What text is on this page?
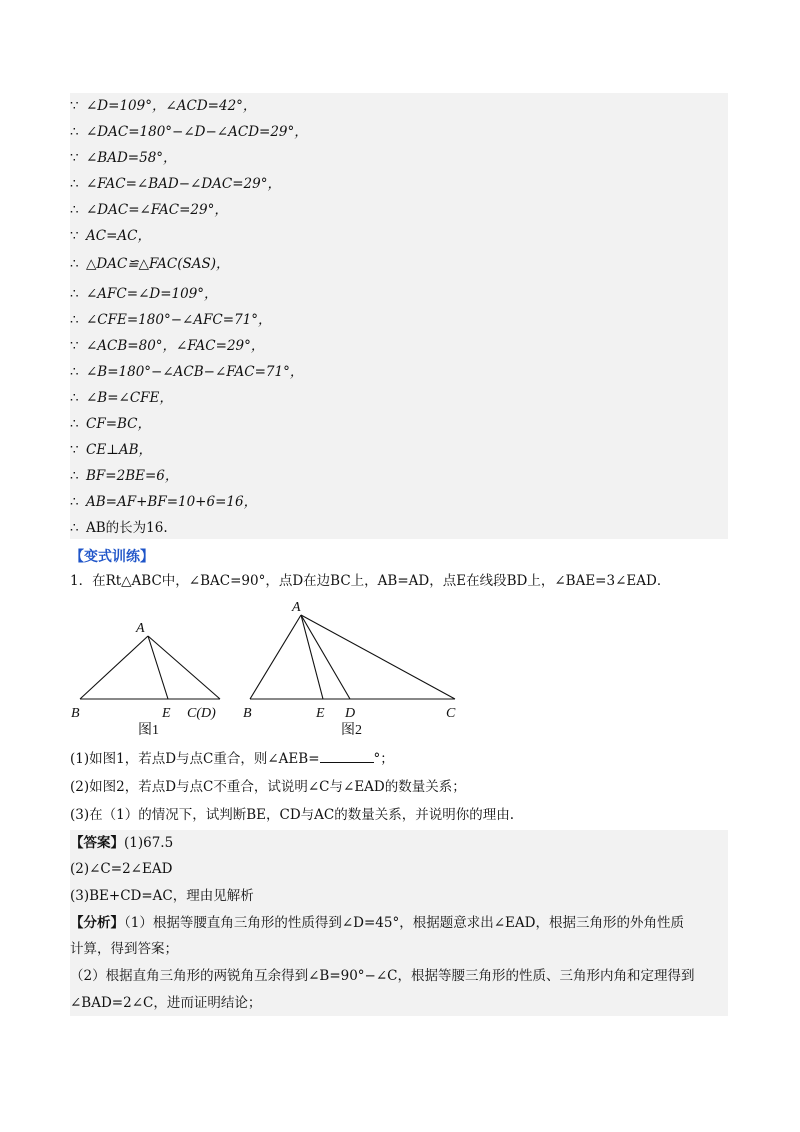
∵ ∠D=109°，∠ACD=42°，
∴ ∠DAC=180°−∠D−∠ACD=29°，
∵ ∠BAD=58°，
∴ ∠FAC=∠BAD−∠DAC=29°，
∴ ∠DAC=∠FAC=29°，
∵ AC=AC，
∴ △DAC≌△FAC(SAS)，
∴ ∠AFC=∠D=109°，
∴ ∠CFE=180°−∠AFC=71°，
∵ ∠ACB=80°，∠FAC=29°，
∴ ∠B=180°−∠ACB−∠FAC=71°，
∴ ∠B=∠CFE，
∴ CF=BC，
∵ CE⊥AB，
∴ BF=2BE=6，
∴ AB=AF+BF=10+6=16，
∴ AB的长为16.
【变式训练】
1．在Rt△ABC中，∠BAC=90°，点D在边BC上，AB=AD，点E在线段BD上，∠BAE=3∠EAD．
A
B	E C(D)
A
B	E D	C
图1	图2
(1)如图1，若点D与点C重合，则∠AEB=	°；
(2)如图2，若点D与点C不重合，试说明∠C与∠EAD的数量关系；
(3)在（1）的情况下，试判断BE，CD与AC的数量关系，并说明你的理由.
【答案】(1)67.5
(2)∠C=2∠EAD
(3)BE+CD=AC，理由见解析
【分析】（1）根据等腰直角三角形的性质得到∠D=45°，根据题意求出∠EAD，根据三角形的外角性质
计算，得到答案；
（2）根据直角三角形的两锐角互余得到∠B=90°−∠C，根据等腰三角形的性质、三角形内角和定理得到
∠BAD=2∠C，进而证明结论；
